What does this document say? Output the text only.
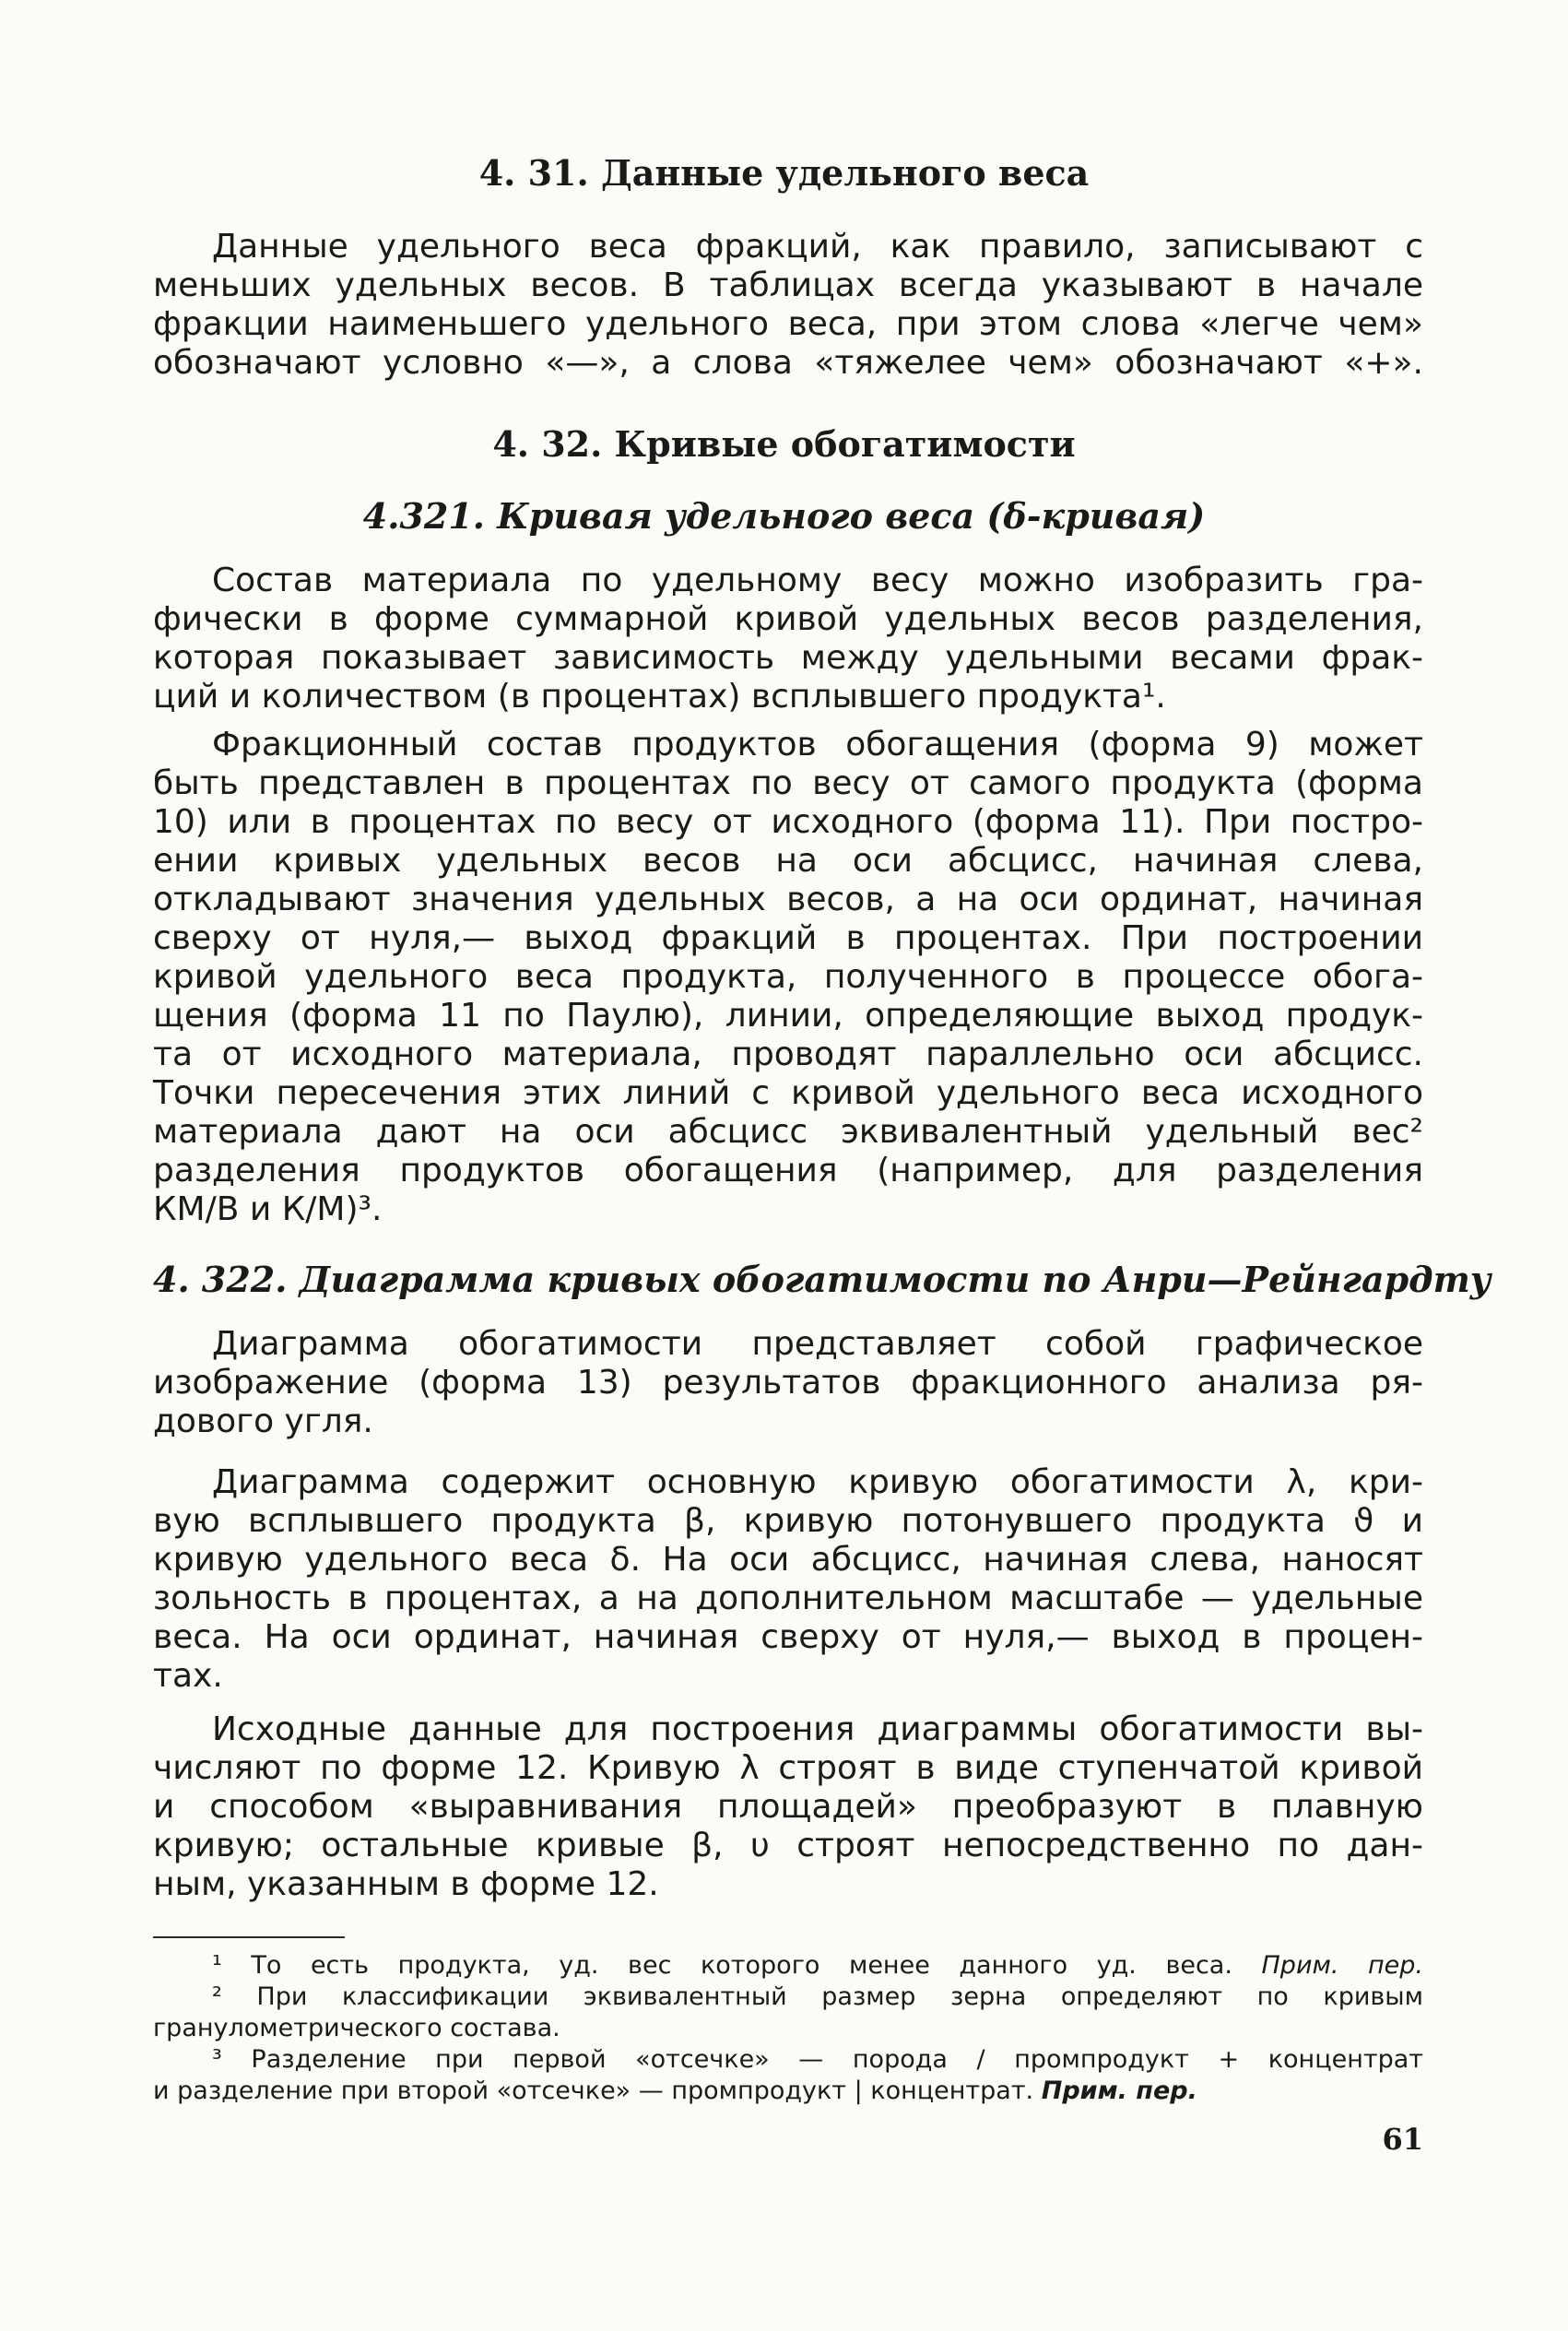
4. 31. Данные удельного веса
Данные удельного веса фракций, как правило, записывают с
меньших удельных весов. В таблицах всегда указывают в начале
фракции наименьшего удельного веса, при этом слова «легче чем»
обозначают условно «—», а слова «тяжелее чем» обозначают «+».
4. 32. Кривые обогатимости
4.321. Кривая удельного веса (δ-кривая)
Состав материала по удельному весу можно изобразить гра-
фически в форме суммарной кривой удельных весов разделения,
которая показывает зависимость между удельными весами фрак-
ций и количеством (в процентах) всплывшего продукта¹.
Фракционный состав продуктов обогащения (форма 9) может
быть представлен в процентах по весу от самого продукта (форма
10) или в процентах по весу от исходного (форма 11). При постро-
ении кривых удельных весов на оси абсцисс, начиная слева,
откладывают значения удельных весов, а на оси ординат, начиная
сверху от нуля,— выход фракций в процентах. При построении
кривой удельного веса продукта, полученного в процессе обога-
щения (форма 11 по Паулю), линии, определяющие выход продук-
та от исходного материала, проводят параллельно оси абсцисс.
Точки пересечения этих линий с кривой удельного веса исходного
материала дают на оси абсцисс эквивалентный удельный вес²
разделения продуктов обогащения (например, для разделения
КМ/В и К/М)³.
4. 322. Диаграмма кривых обогатимости по Анри—Рейнгардту
Диаграмма обогатимости представляет собой графическое
изображение (форма 13) результатов фракционного анализа ря-
дового угля.
Диаграмма содержит основную кривую обогатимости λ, кри-
вую всплывшего продукта β, кривую потонувшего продукта ϑ и
кривую удельного веса δ. На оси абсцисс, начиная слева, наносят
зольность в процентах, а на дополнительном масштабе — удельные
веса. На оси ординат, начиная сверху от нуля,— выход в процен-
тах.
Исходные данные для построения диаграммы обогатимости вы-
числяют по форме 12. Кривую λ строят в виде ступенчатой кривой
и способом «выравнивания площадей» преобразуют в плавную
кривую; остальные кривые β, υ строят непосредственно по дан-
ным, указанным в форме 12.
¹ То есть продукта, уд. вес которого менее данного уд. веса. Прим. пер.
² При классификации эквивалентный размер зерна определяют по кривым
гранулометрического состава.
³ Разделение при первой «отсечке» — порода / промпродукт + концентрат
и разделение при второй «отсечке» — промпродукт | концентрат. Прим. пер.
61
